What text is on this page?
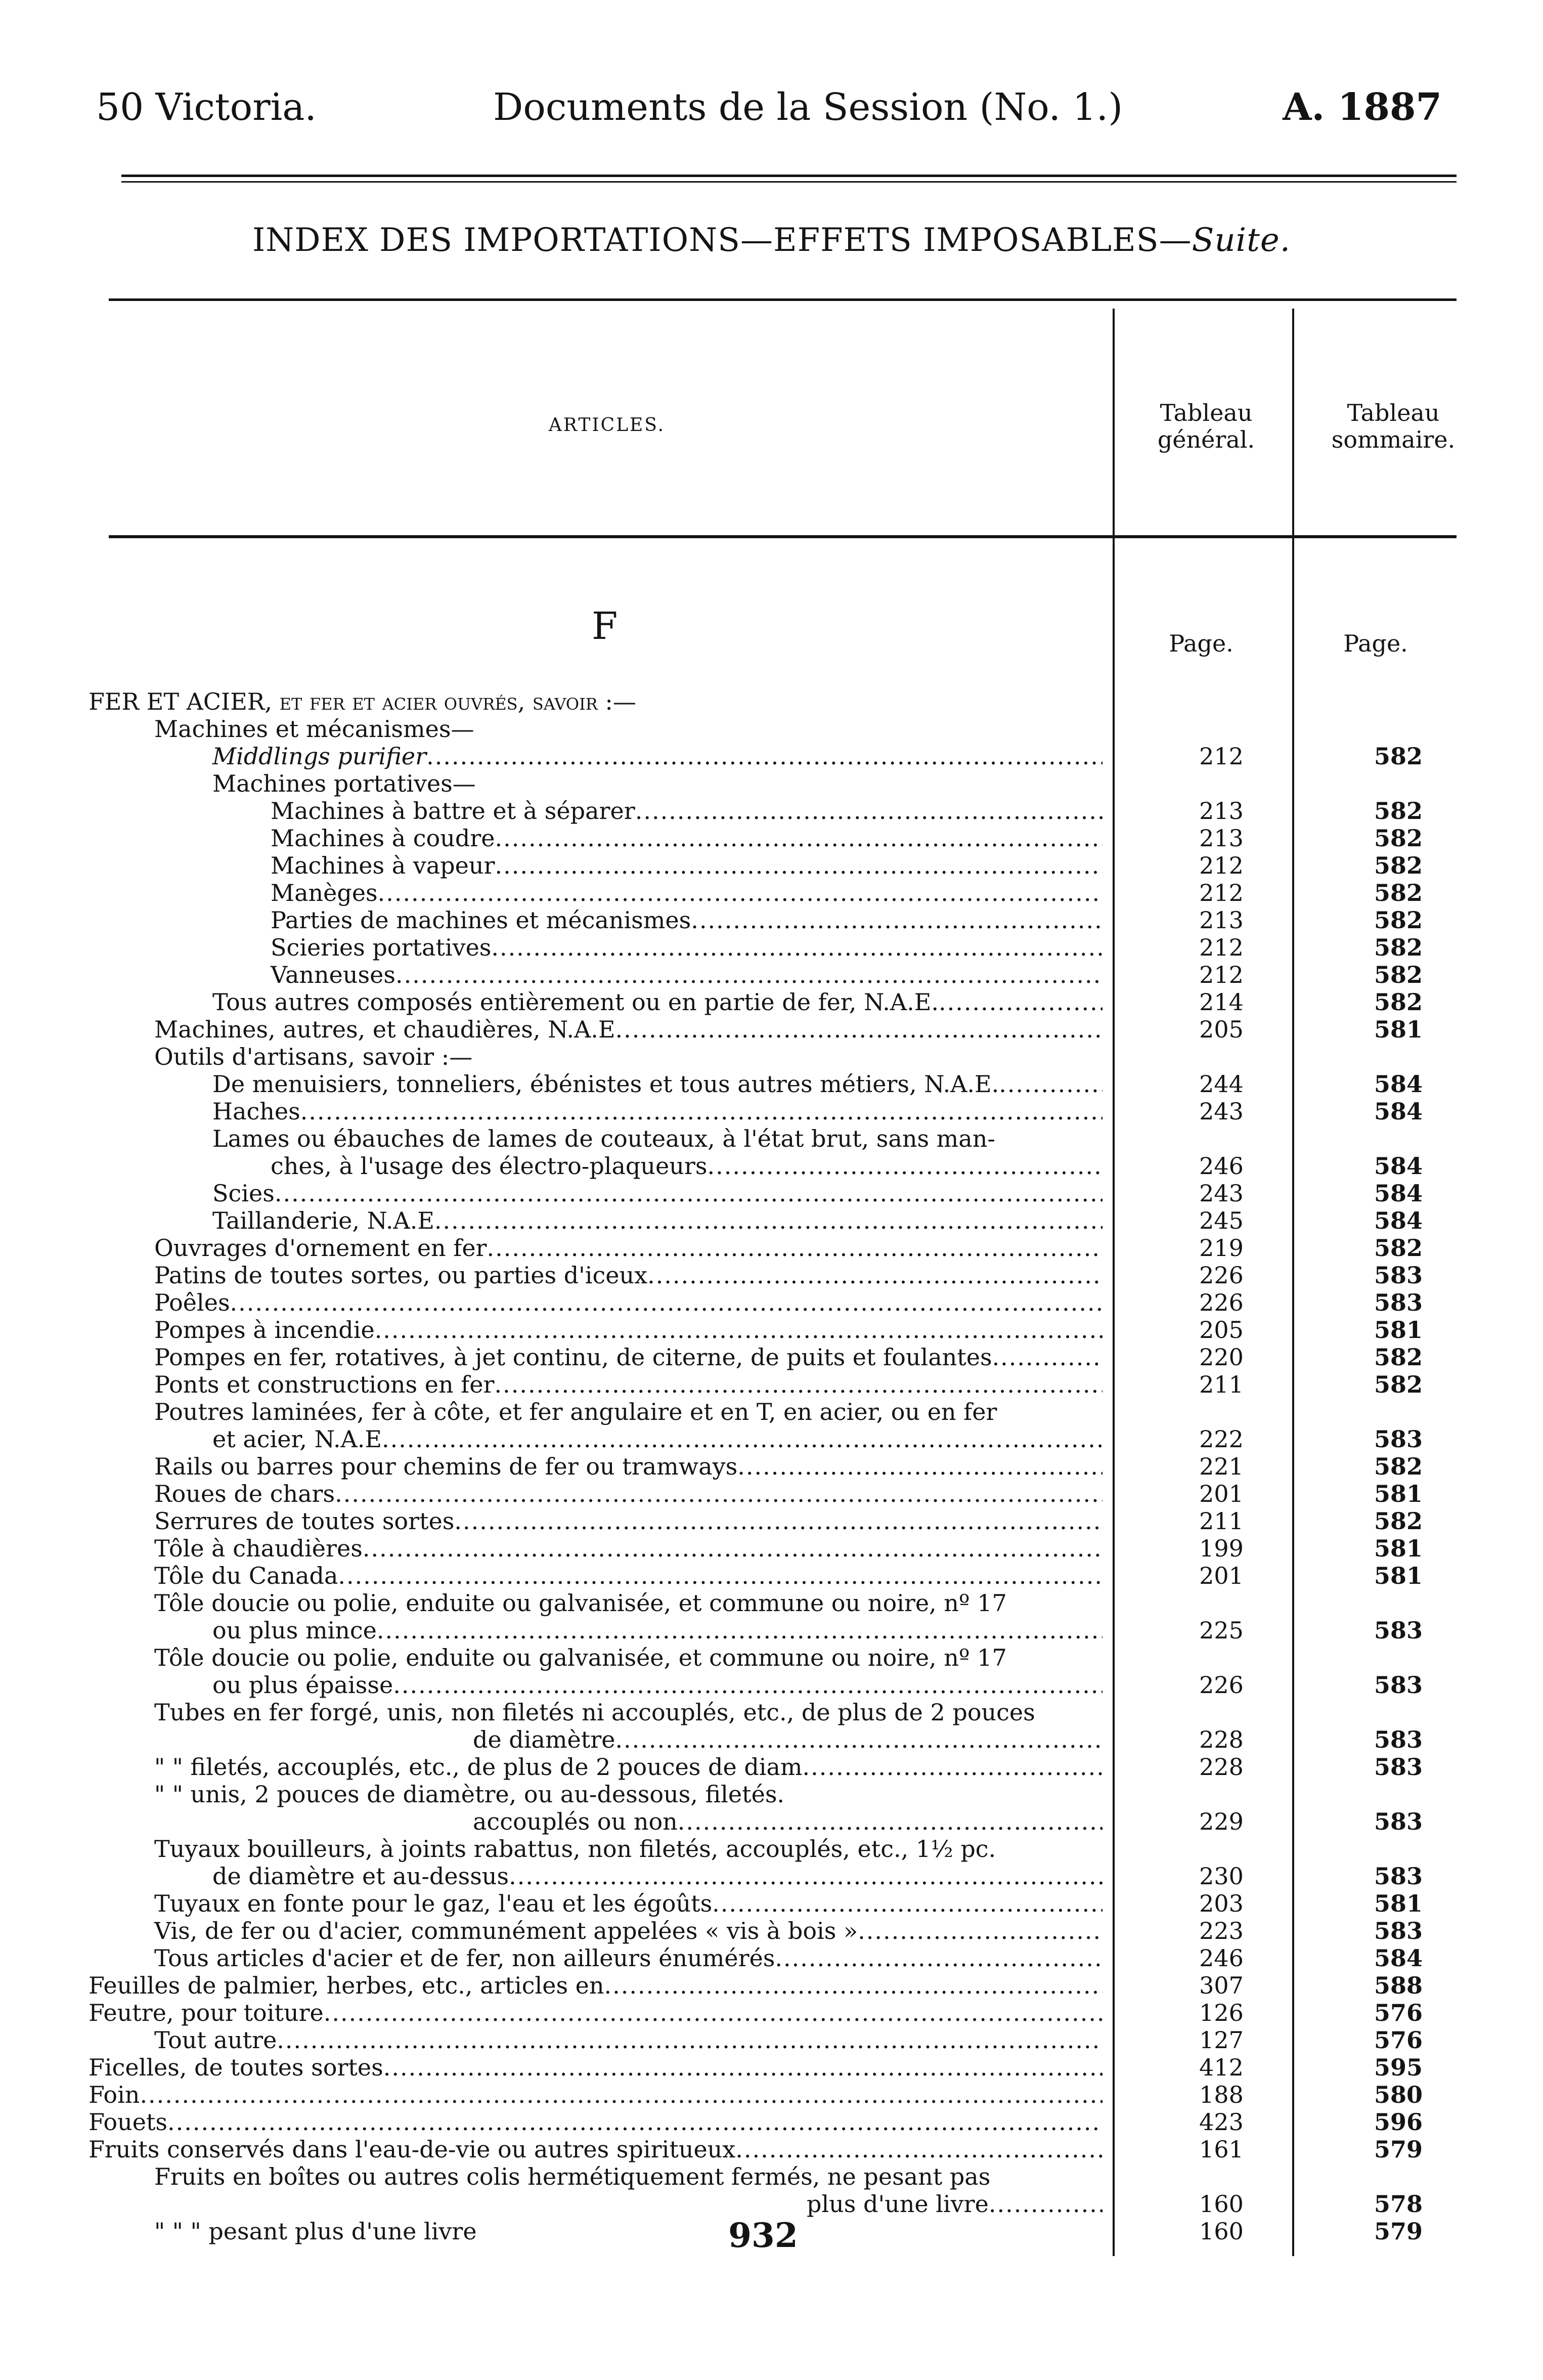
50 Victoria.	Documents de la Session (No. 1.)	A. 1887
INDEX DES IMPORTATIONS—EFFETS IMPOSABLES—Suite.
ARTICLES.	Tableau général.
Tableau sommaire.
F	Page.	Page.
FER ET ACIER, et fer et acier ouvrés, savoir :—
Machines et mécanismes—
Middlings purifier .....	212	582
Machines portatives—
Machines à battre et à séparer .....	213	582
Machines à coudre .....	213	582
Machines à vapeur .....	212	582
Manèges .....	212	582
Parties de machines et mécanismes .....	213	582
Scieries portatives .....	212	582
Vanneuses .....	212	582
Tous autres composés entièrement ou en partie de fer, N.A.E. .....	214	582
Machines, autres, et chaudières, N.A.E .....	205	581
Outils d'artisans, savoir :—
De menuisiers, tonneliers, ébénistes et tous autres métiers, N.A.E. .....	244	584
Haches .....	243	584
Lames ou ébauches de lames de couteaux, à l'état brut, sans man-
ches, à l'usage des électro-plaqueurs .....	246	584
Scies .....	243	584
Taillanderie, N.A.E .....	245	584
Ouvrages d'ornement en fer .....	219	582
Patins de toutes sortes, ou parties d'iceux .....	226	583
Poêles .....	226	583
Pompes à incendie .....	205	581
Pompes en fer, rotatives, à jet continu, de citerne, de puits et foulantes .....	220	582
Ponts et constructions en fer .....	211	582
Poutres laminées, fer à côte, et fer angulaire et en T, en acier, ou en fer
et acier, N.A.E .....	222	583
Rails ou barres pour chemins de fer ou tramways .....	221	582
Roues de chars .....	201	581
Serrures de toutes sortes .....	211	582
Tôle à chaudières .....	199	581
Tôle du Canada .....	201	581
Tôle doucie ou polie, enduite ou galvanisée, et commune ou noire, nº 17
ou plus mince .....	225	583
Tôle doucie ou polie, enduite ou galvanisée, et commune ou noire, nº 17
ou plus épaisse .....	226	583
Tubes en fer forgé, unis, non filetés ni accouplés, etc., de plus de 2 pouces
de diamètre .....	228	583
" " filetés, accouplés, etc., de plus de 2 pouces de diam .....	228	583
" " unis, 2 pouces de diamètre, ou au-dessous, filetés.
accouplés ou non .....	229	583
Tuyaux bouilleurs, à joints rabattus, non filetés, accouplés, etc., 1½ pc.
de diamètre et au-dessus .....	230	583
Tuyaux en fonte pour le gaz, l'eau et les égoûts .....	203	581
Vis, de fer ou d'acier, communément appelées « vis à bois » .....	223	583
Tous articles d'acier et de fer, non ailleurs énumérés .....	246	584
Feuilles de palmier, herbes, etc., articles en .....	307	588
Feutre, pour toiture .....	126	576
Tout autre .....	127	576
Ficelles, de toutes sortes .....	412	595
Foin .....	188	580
Fouets .....	423	596
Fruits conservés dans l'eau-de-vie ou autres spiritueux .....	161	579
Fruits en boîtes ou autres colis hermétiquement fermés, ne pesant pas
plus d'une livre .....	160	578
" " " pesant plus d'une livre	160	579
932
